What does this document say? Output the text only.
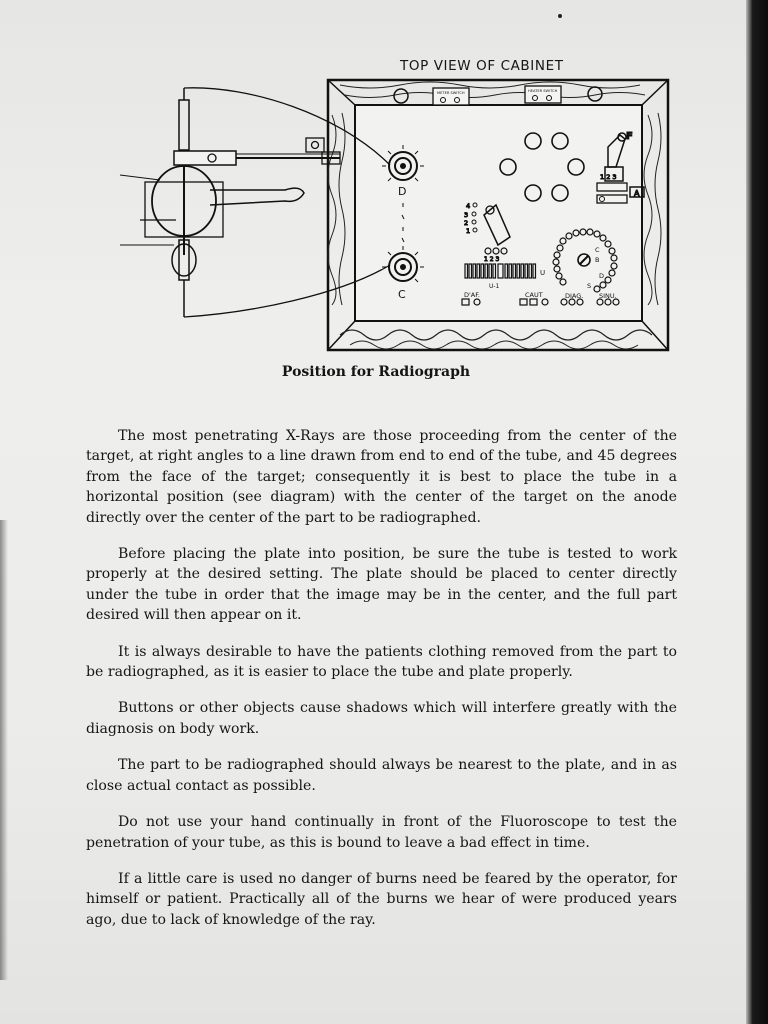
TOP VIEW OF CABINET
METER SWITCH	HEATER SWITCH
D
C
F
A
1 2 3
4
3
2
1
1 2 3
U-1
U
C
B
D
S
D'AF.	CAUT	DIAG. SINU.
Position for Radiograph

The most penetrating X-Rays are those proceeding from the center of the target, at right angles to a line drawn from end to end of the tube, and 45 degrees from the face of the target; consequently it is best to place the tube in a horizontal position (see diagram) with the center of the target on the anode directly over the center of the part to be radiographed.

Before placing the plate into position, be sure the tube is tested to work properly at the desired setting. The plate should be placed to center directly under the tube in order that the image may be in the center, and the full part desired will then appear on it.

It is always desirable to have the patients clothing removed from the part to be radiographed, as it is easier to place the tube and plate properly.

Buttons or other objects cause shadows which will interfere greatly with the diagnosis on body work.

The part to be radiographed should always be nearest to the plate, and in as close actual contact as possible.

Do not use your hand continually in front of the Fluoroscope to test the penetration of your tube, as this is bound to leave a bad effect in time.

If a little care is used no danger of burns need be feared by the operator, for himself or patient. Practically all of the burns we hear of were produced years ago, due to lack of knowledge of the ray.
